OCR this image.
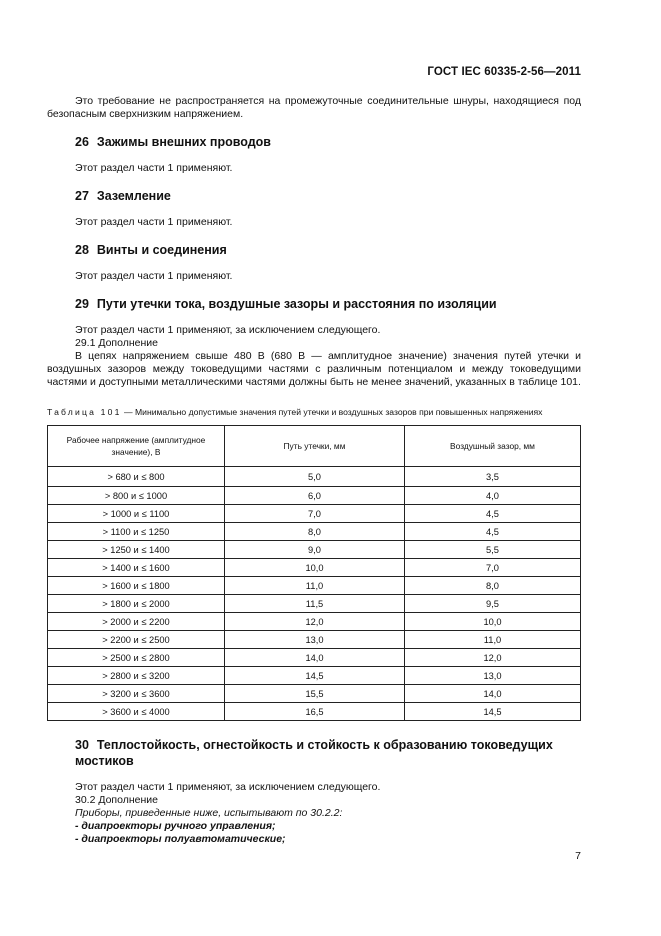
ГОСТ IEC 60335-2-56—2011

Это требование не распространяется на промежуточные соединительные шнуры, находящиеся под безопасным сверхнизким напряжением.

26 Зажимы внешних проводов

Этот раздел части 1 применяют.

27 Заземление

Этот раздел части 1 применяют.

28 Винты и соединения

Этот раздел части 1 применяют.

29 Пути утечки тока, воздушные зазоры и расстояния по изоляции

Этот раздел части 1 применяют, за исключением следующего.

29.1 Дополнение

В цепях напряжением свыше 480 В (680 В — амплитудное значение) значения путей утечки и воздушных зазоров между токоведущими частями с различным потенциалом и между токоведущими частями и доступными металлическими частями должны быть не менее значений, указанных в таблице 101.

Таблица 101 — Минимально допустимые значения путей утечки и воздушных зазоров при повышенных напряжениях

Рабочее напряжение (амплитудное значение), В	Путь утечки, мм	Воздушный зазор, мм
> 680 и ≤ 800	5,0	3,5
> 800 и ≤ 1000	6,0	4,0
> 1000 и ≤ 1100	7,0	4,5
> 1100 и ≤ 1250	8,0	4,5
> 1250 и ≤ 1400	9,0	5,5
> 1400 и ≤ 1600	10,0	7,0
> 1600 и ≤ 1800	11,0	8,0
> 1800 и ≤ 2000	11,5	9,5
> 2000 и ≤ 2200	12,0	10,0
> 2200 и ≤ 2500	13,0	11,0
> 2500 и ≤ 2800	14,0	12,0
> 2800 и ≤ 3200	14,5	13,0
> 3200 и ≤ 3600	15,5	14,0
> 3600 и ≤ 4000	16,5	14,5
30 Теплостойкость, огнестойкость и стойкость к образованию токоведущих мостиков

Этот раздел части 1 применяют, за исключением следующего.

30.2 Дополнение

Приборы, приведенные ниже, испытывают по 30.2.2:

- диапроекторы ручного управления;

- диапроекторы полуавтоматические;

7
